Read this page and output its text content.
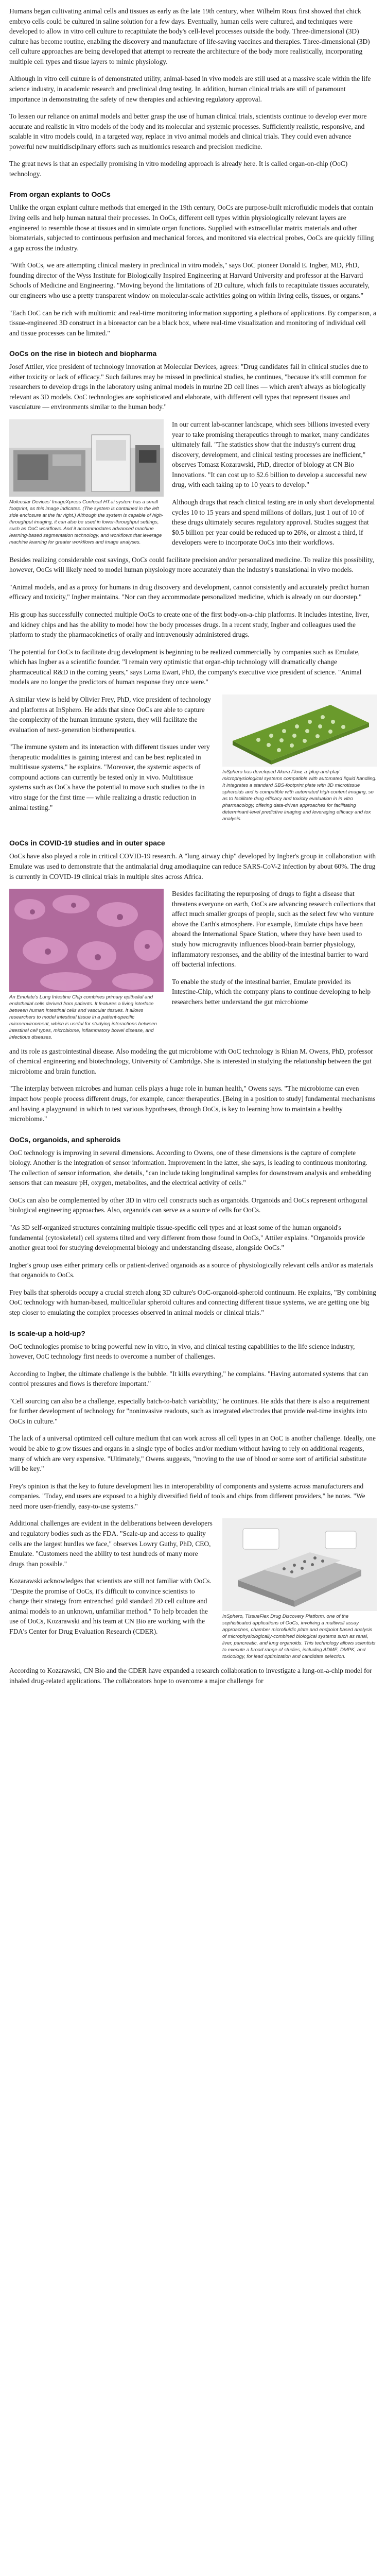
Humans began cultivating animal cells and tissues as early as the late 19th century, when Wilhelm Roux first showed that chick embryo cells could be cultured in saline solution for a few days. Eventually, human cells were cultured, and techniques were developed to allow in vitro cell culture to recapitulate the body's cell-level processes outside the body. Three-dimensional (3D) culture has become routine, enabling the discovery and manufacture of life-saving vaccines and therapies. Three-dimensional (3D) cell culture approaches are being developed that attempt to recreate the architecture of the body more realistically, incorporating multiple cell types and tissue layers to mimic physiology.

Although in vitro cell culture is of demonstrated utility, animal-based in vivo models are still used at a massive scale within the life science industry, in academic research and preclinical drug testing. In addition, human clinical trials are still of paramount importance in demonstrating the safety of new therapies and achieving regulatory approval.

To lessen our reliance on animal models and better grasp the use of human clinical trials, scientists continue to develop ever more accurate and realistic in vitro models of the body and its molecular and systemic processes. Sufficiently realistic, responsive, and scalable in vitro models could, in a targeted way, replace in vivo animal models and clinical trials. They could even advance powerful new multidisciplinary efforts such as multiomics research and precision medicine.

The great news is that an especially promising in vitro modeling approach is already here. It is called organ-on-chip (OoC) technology.

From organ explants to OoCs

Unlike the organ explant culture methods that emerged in the 19th century, OoCs are purpose-built microfluidic models that contain living cells and help human natural their processes. In OoCs, different cell types within physiologically relevant layers are engineered to resemble those at tissues and in simulate organ functions. Supplied with extracellular matrix materials and other biomaterials, subjected to continuous perfusion and mechanical forces, and monitored via electrical probes, OoCs are quickly filling a gap across the industry.

"With OoCs, we are attempting clinical mastery in preclinical in vitro models," says OoC pioneer Donald E. Ingber, MD, PhD, founding director of the Wyss Institute for Biologically Inspired Engineering at Harvard University and professor at the Harvard Schools of Medicine and Engineering. "Moving beyond the limitations of 2D culture, which fails to recapitulate tissues accurately, our engineers who use a pretty transparent window on molecular-scale activities going on within living cells, tissues, or organs."

"Each OoC can be rich with multiomic and real-time monitoring information supporting a plethora of applications. By comparison, a tissue-engineered 3D construct in a bioreactor can be a black box, where real-time visualization and monitoring of individual cell and tissue processes can be limited."

OoCs on the rise in biotech and biopharma

Josef Attiler, vice president of technology innovation at Molecular Devices, agrees: "Drug candidates fail in clinical studies due to either toxicity or lack of efficacy." Such failures may be missed in preclinical studies, he continues, "because it's still common for researchers to develop drugs in the laboratory using animal models in murine 2D cell lines — which aren't always as biologically relevant as 3D models. OoC technologies are sophisticated and elaborate, with different cell types that represent tissues and vasculature — environments similar to the human body."

Molecular Devices' ImageXpress Confocal HT.ai system has a small footprint, as this image indicates. (The system is contained in the left side enclosure at the far right.) Although the system is capable of high-throughput imaging, it can also be used in lower-throughput settings, such as OoC workflows. And it accommodates advanced machine learning-based segmentation technology, and workflows that leverage machine learning for greater workflows and image analyses.

In our current lab-scanner landscape, which sees billions invested every year to take promising therapeutics through to market, many candidates ultimately fail. "The statistics show that the industry's current drug discovery, development, and clinical testing processes are inefficient," observes Tomasz Kozarawski, PhD, director of biology at CN Bio Innovations. "It can cost up to $2.6 billion to develop a successful new drug, with each taking up to 10 years to develop."

Although drugs that reach clinical testing are in only short developmental cycles 10 to 15 years and spend millions of dollars, just 1 out of 10 of these drugs ultimately secures regulatory approval. Studies suggest that $0.5 billion per year could be reduced up to 26%, or almost a third, if developers were to incorporate OoCs into their workflows.

Besides realizing considerable cost savings, OoCs could facilitate precision and/or personalized medicine. To realize this possibility, however, OoCs will likely need to model human physiology more accurately than the industry's translational in vivo models.

"Animal models, and as a proxy for humans in drug discovery and development, cannot consistently and accurately predict human efficacy and toxicity," Ingber maintains. "Nor can they accommodate personalized medicine, which is already on our doorstep."

His group has successfully connected multiple OoCs to create one of the first body-on-a-chip platforms. It includes intestine, liver, and kidney chips and has the ability to model how the body processes drugs. In a recent study, Ingber and colleagues used the platform to study the pharmacokinetics of orally and intravenously administered drugs.

The potential for OoCs to facilitate drug development is beginning to be realized commercially by companies such as Emulate, which has Ingber as a scientific founder. "I remain very optimistic that organ-chip technology will dramatically change pharmaceutical R&D in the coming years," says Lorna Ewart, PhD, the company's executive vice president of science. "Animal models are no longer the predictors of human response they once were."

InSphero has developed Akura Flow, a 'plug-and-play' microphysiological systems compatible with automated liquid handling. It integrates a standard SBS-footprint plate with 3D microtissue spheroids and is compatible with automated high-content imaging, so as to facilitate drug efficacy and toxicity evaluation in in vitro pharmacology, offering data-driven approaches for facilitating determinant-level predictive imaging and leveraging efficacy and tox analysis.

A similar view is held by Olivier Frey, PhD, vice president of technology and platforms at InSphero. He adds that since OoCs are able to capture the complexity of the human immune system, they will facilitate the evaluation of next-generation biotherapeutics.

"The immune system and its interaction with different tissues under very therapeutic modalities is gaining interest and can be best replicated in multitissue systems," he explains. "Moreover, the systemic aspects of compound actions can currently be tested only in vivo. Multitissue systems such as OoCs have the potential to move such studies to the in vitro stage for the first time — while realizing a drastic reduction in animal testing."

OoCs in COVID-19 studies and in outer space

OoCs have also played a role in critical COVID-19 research. A "lung airway chip" developed by Ingber's group in collaboration with Emulate was used to demonstrate that the antimalarial drug amodiaquine can reduce SARS-CoV-2 infection by about 60%. The drug is currently in COVID-19 clinical trials in multiple sites across Africa.

An Emulate's Lung Intestine Chip combines primary epithelial and endothelial cells derived from patients. It features a living interface between human intestinal cells and vascular tissues. It allows researchers to model intestinal tissue in a patient-specific microenvironment, which is useful for studying interactions between intestinal cell types, microbiome, inflammatory bowel disease, and infectious diseases.

Besides facilitating the repurposing of drugs to fight a disease that threatens everyone on earth, OoCs are advancing research collections that affect much smaller groups of people, such as the select few who venture above the Earth's atmosphere. For example, Emulate chips have been aboard the International Space Station, where they have been used to study how microgravity influences blood-brain barrier physiology, inflammatory responses, and the ability of the intestinal barrier to ward off bacterial infections.

To enable the study of the intestinal barrier, Emulate provided its Intestine-Chip, which the company plans to continue developing to help researchers better understand the gut microbiome

and its role as gastrointestinal disease. Also modeling the gut microbiome with OoC technology is Rhian M. Owens, PhD, professor of chemical engineering and biotechnology, University of Cambridge. She is interested in studying the relationship between the gut microbiome and brain function.

"The interplay between microbes and human cells plays a huge role in human health," Owens says. "The microbiome can even impact how people process different drugs, for example, cancer therapeutics. [Being in a position to study] fundamental mechanisms and having a playground in which to test various hypotheses, through OoCs, is key to learning how to maintain a healthy microbiome."

OoCs, organoids, and spheroids

OoC technology is improving in several dimensions. According to Owens, one of these dimensions is the capture of complete biology. Another is the integration of sensor information. Improvement in the latter, she says, is leading to continuous monitoring. The collection of sensor information, she details, "can include taking longitudinal samples for downstream analysis and embedding sensors that can measure pH, oxygen, metabolites, and the electrical activity of cells."

OoCs can also be complemented by other 3D in vitro cell constructs such as organoids. Organoids and OoCs represent orthogonal biological engineering approaches. Also, organoids can serve as a source of cells for OoCs.

"As 3D self-organized structures containing multiple tissue-specific cell types and at least some of the human organoid's fundamental (cytoskeletal) cell systems tilted and very different from those found in OoCs," Attiler explains. "Organoids provide another great tool for studying developmental biology and understanding disease, alongside OoCs."

Ingber's group uses either primary cells or patient-derived organoids as a source of physiologically relevant cells and/or as materials that organoids to OoCs.

Frey balls that spheroids occupy a crucial stretch along 3D culture's OoC-organoid-spheroid continuum. He explains, "By combining OoC technology with human-based, multicellular spheroid cultures and connecting different tissue systems, we are getting one big step closer to emulating the complex processes observed in animal models or clinical trials."

Is scale-up a hold-up?

OoC technologies promise to bring powerful new in vitro, in vivo, and clinical testing capabilities to the life science industry, however, OoC technology first needs to overcome a number of challenges.

According to Ingber, the ultimate challenge is the bubble. "It kills everything," he complains. "Having automated systems that can control pressures and flows is therefore important."

"Cell sourcing can also be a challenge, especially batch-to-batch variability," he continues. He adds that there is also a requirement for further development of technology for "noninvasive readouts, such as integrated electrodes that provide real-time insights into OoCs in culture."

The lack of a universal optimized cell culture medium that can work across all cell types in an OoC is another challenge. Ideally, one would be able to grow tissues and organs in a single type of bodies and/or medium without having to rely on additional reagents, many of which are very expensive. "Ultimately," Owens suggests, "moving to the use of blood or some sort of artificial substitute will be key."

Frey's opinion is that the key to future development lies in interoperability of components and systems across manufacturers and companies. "Today, end users are exposed to a highly diversified field of tools and chips from different providers," he notes. "We need more user-friendly, easy-to-use systems."

InSphero, TissueFlex Drug Discovery Platform, one of the sophisticated applications of OoCs, involving a multiwell assay approaches, chamber microfluidic plate and endpoint based analysis of microphysiologically-combined biological systems such as renal, liver, pancreatic, and lung organoids. This technology allows scientists to execute a broad range of studies, including ADME, DMPK, and toxicology, for lead optimization and candidate selection.

Additional challenges are evident in the deliberations between developers and regulatory bodies such as the FDA. "Scale-up and access to quality cells are the largest hurdles we face," observes Lowry Guthy, PhD, CEO, Emulate. "Customers need the ability to test hundreds of many more drugs than possible."

Kozarawski acknowledges that scientists are still not familiar with OoCs. "Despite the promise of OoCs, it's difficult to convince scientists to change their strategy from entrenched gold standard 2D cell culture and animal models to an unknown, unfamiliar method." To help broaden the use of OoCs, Kozarawski and his team at CN Bio are working with the FDA's Center for Drug Evaluation Research (CDER).

According to Kozarawski, CN Bio and the CDER have expanded a research collaboration to investigate a lung-on-a-chip model for inhaled drug-related applications. The collaborators hope to overcome a major challenge for
